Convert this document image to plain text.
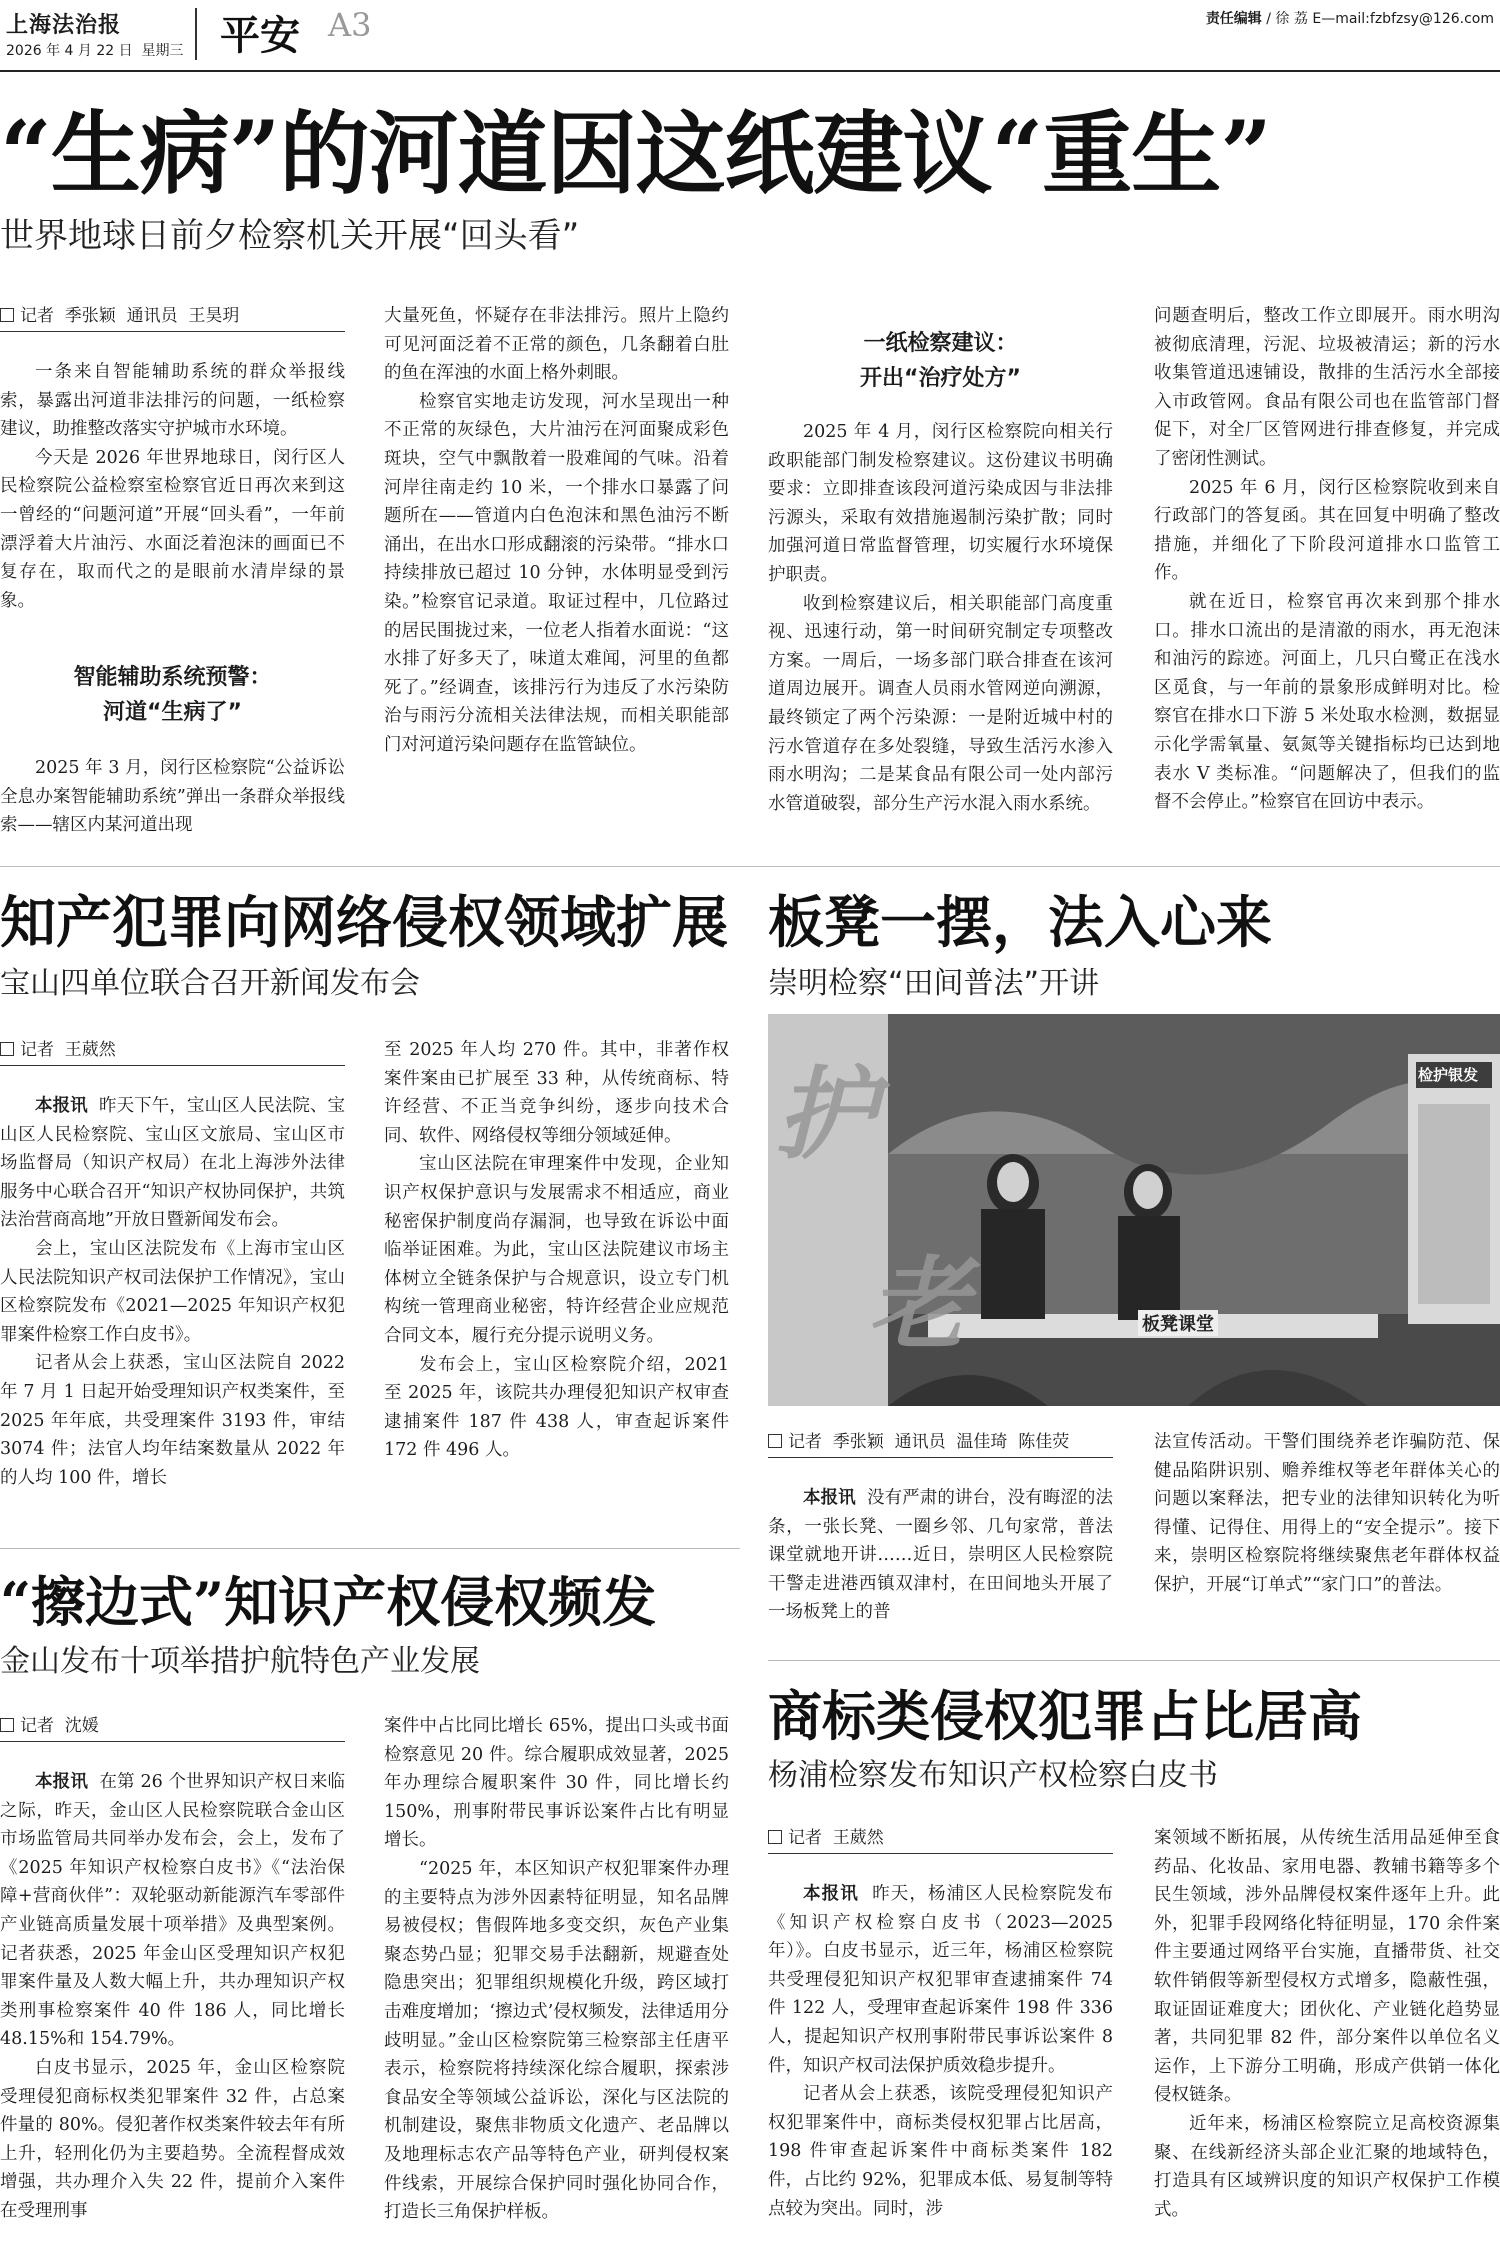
上海法治报
2026 年 4 月 22 日  星期三 平安 A3	责任编辑 / 徐 荔 E—mail:fzbfzsy@126.com
“生病”的河道因这纸建议“重生”
世界地球日前夕检察机关开展“回头看”
记者  季张颖  通讯员  王昊玥

一条来自智能辅助系统的群众举报线索，暴露出河道非法排污的问题，一纸检察建议，助推整改落实守护城市水环境。

今天是 2026 年世界地球日，闵行区人民检察院公益检察室检察官近日再次来到这一曾经的“问题河道”开展“回头看”，一年前漂浮着大片油污、水面泛着泡沫的画面已不复存在，取而代之的是眼前水清岸绿的景象。

智能辅助系统预警：
河道“生病了”

2025 年 3 月，闵行区检察院“公益诉讼全息办案智能辅助系统”弹出一条群众举报线索——辖区内某河道出现

大量死鱼，怀疑存在非法排污。照片上隐约可见河面泛着不正常的颜色，几条翻着白肚的鱼在浑浊的水面上格外刺眼。

检察官实地走访发现，河水呈现出一种不正常的灰绿色，大片油污在河面聚成彩色斑块，空气中飘散着一股难闻的气味。沿着河岸往南走约 10 米，一个排水口暴露了问题所在——管道内白色泡沫和黑色油污不断涌出，在出水口形成翻滚的污染带。“排水口持续排放已超过 10 分钟，水体明显受到污染。”检察官记录道。取证过程中，几位路过的居民围拢过来，一位老人指着水面说：“这水排了好多天了，味道太难闻，河里的鱼都死了。”经调查，该排污行为违反了水污染防治与雨污分流相关法律法规，而相关职能部门对河道污染问题存在监管缺位。

一纸检察建议：
开出“治疗处方”

2025 年 4 月，闵行区检察院向相关行政职能部门制发检察建议。这份建议书明确要求：立即排查该段河道污染成因与非法排污源头，采取有效措施遏制污染扩散；同时加强河道日常监督管理，切实履行水环境保护职责。

收到检察建议后，相关职能部门高度重视、迅速行动，第一时间研究制定专项整改方案。一周后，一场多部门联合排查在该河道周边展开。调查人员雨水管网逆向溯源，最终锁定了两个污染源：一是附近城中村的污水管道存在多处裂缝，导致生活污水渗入雨水明沟；二是某食品有限公司一处内部污水管道破裂，部分生产污水混入雨水系统。

问题查明后，整改工作立即展开。雨水明沟被彻底清理，污泥、垃圾被清运；新的污水收集管道迅速铺设，散排的生活污水全部接入市政管网。食品有限公司也在监管部门督促下，对全厂区管网进行排查修复，并完成了密闭性测试。

2025 年 6 月，闵行区检察院收到来自行政部门的答复函。其在回复中明确了整改措施，并细化了下阶段河道排水口监管工作。

就在近日，检察官再次来到那个排水口。排水口流出的是清澈的雨水，再无泡沫和油污的踪迹。河面上，几只白鹭正在浅水区觅食，与一年前的景象形成鲜明对比。检察官在排水口下游 5 米处取水检测，数据显示化学需氧量、氨氮等关键指标均已达到地表水 V 类标准。“问题解决了，但我们的监督不会停止。”检察官在回访中表示。

知产犯罪向网络侵权领域扩展
宝山四单位联合召开新闻发布会
记者  王葳然

本报讯 昨天下午，宝山区人民法院、宝山区人民检察院、宝山区文旅局、宝山区市场监督局（知识产权局）在北上海涉外法律服务中心联合召开“知识产权协同保护，共筑法治营商高地”开放日暨新闻发布会。

会上，宝山区法院发布《上海市宝山区人民法院知识产权司法保护工作情况》，宝山区检察院发布《2021—2025 年知识产权犯罪案件检察工作白皮书》。

记者从会上获悉，宝山区法院自 2022 年 7 月 1 日起开始受理知识产权类案件，至 2025 年年底，共受理案件 3193 件，审结 3074 件；法官人均年结案数量从 2022 年的人均 100 件，增长

至 2025 年人均 270 件。其中，非著作权案件案由已扩展至 33 种，从传统商标、特许经营、不正当竞争纠纷，逐步向技术合同、软件、网络侵权等细分领域延伸。

宝山区法院在审理案件中发现，企业知识产权保护意识与发展需求不相适应，商业秘密保护制度尚存漏洞，也导致在诉讼中面临举证困难。为此，宝山区法院建议市场主体树立全链条保护与合规意识，设立专门机构统一管理商业秘密，特许经营企业应规范合同文本，履行充分提示说明义务。

发布会上，宝山区检察院介绍，2021 至 2025 年，该院共办理侵犯知识产权审查逮捕案件 187 件 438 人，审查起诉案件 172 件 496 人。

板凳一摆，法入心来
崇明检察“田间普法”开讲
护
老	板凳课堂
检护银发
记者  季张颖  通讯员  温佳琦  陈佳荧

本报讯 没有严肃的讲台，没有晦涩的法条，一张长凳、一圈乡邻、几句家常，普法课堂就地开讲……近日，崇明区人民检察院干警走进港西镇双津村，在田间地头开展了一场板凳上的普

法宣传活动。干警们围绕养老诈骗防范、保健品陷阱识别、赡养维权等老年群体关心的问题以案释法，把专业的法律知识转化为听得懂、记得住、用得上的“安全提示”。接下来，崇明区检察院将继续聚焦老年群体权益保护，开展“订单式”“家门口”的普法。

“擦边式”知识产权侵权频发
金山发布十项举措护航特色产业发展
记者  沈媛

本报讯 在第 26 个世界知识产权日来临之际，昨天，金山区人民检察院联合金山区市场监管局共同举办发布会，会上，发布了《2025 年知识产权检察白皮书》《“法治保障+营商伙伴”：双轮驱动新能源汽车零部件产业链高质量发展十项举措》及典型案例。记者获悉，2025 年金山区受理知识产权犯罪案件量及人数大幅上升，共办理知识产权类刑事检察案件 40 件 186 人，同比增长 48.15%和 154.79%。

白皮书显示，2025 年，金山区检察院受理侵犯商标权类犯罪案件 32 件，占总案件量的 80%。侵犯著作权类案件较去年有所上升，轻刑化仍为主要趋势。全流程督成效增强，共办理介入失 22 件，提前介入案件在受理刑事

案件中占比同比增长 65%，提出口头或书面检察意见 20 件。综合履职成效显著，2025 年办理综合履职案件 30 件，同比增长约 150%，刑事附带民事诉讼案件占比有明显增长。

“2025 年，本区知识产权犯罪案件办理的主要特点为涉外因素特征明显，知名品牌易被侵权；售假阵地多变交织，灰色产业集聚态势凸显；犯罪交易手法翻新，规避查处隐患突出；犯罪组织规模化升级，跨区域打击难度增加；‘擦边式’侵权频发，法律适用分歧明显。”金山区检察院第三检察部主任唐平表示，检察院将持续深化综合履职，探索涉食品安全等领域公益诉讼，深化与区法院的机制建设，聚焦非物质文化遗产、老品牌以及地理标志农产品等特色产业，研判侵权案件线索，开展综合保护同时强化协同合作，打造长三角保护样板。

商标类侵权犯罪占比居高
杨浦检察发布知识产权检察白皮书
记者  王葳然

本报讯 昨天，杨浦区人民检察院发布《知识产权检察白皮书（2023—2025 年）》。白皮书显示，近三年，杨浦区检察院共受理侵犯知识产权犯罪审查逮捕案件 74 件 122 人，受理审查起诉案件 198 件 336 人，提起知识产权刑事附带民事诉讼案件 8 件，知识产权司法保护质效稳步提升。

记者从会上获悉，该院受理侵犯知识产权犯罪案件中，商标类侵权犯罪占比居高，198 件审查起诉案件中商标类案件 182 件，占比约 92%，犯罪成本低、易复制等特点较为突出。同时，涉

案领域不断拓展，从传统生活用品延伸至食药品、化妆品、家用电器、教辅书籍等多个民生领域，涉外品牌侵权案件逐年上升。此外，犯罪手段网络化特征明显，170 余件案件主要通过网络平台实施，直播带货、社交软件销假等新型侵权方式增多，隐蔽性强，取证固证难度大；团伙化、产业链化趋势显著，共同犯罪 82 件，部分案件以单位名义运作，上下游分工明确，形成产供销一体化侵权链条。

近年来，杨浦区检察院立足高校资源集聚、在线新经济头部企业汇聚的地域特色，打造具有区域辨识度的知识产权保护工作模式。
